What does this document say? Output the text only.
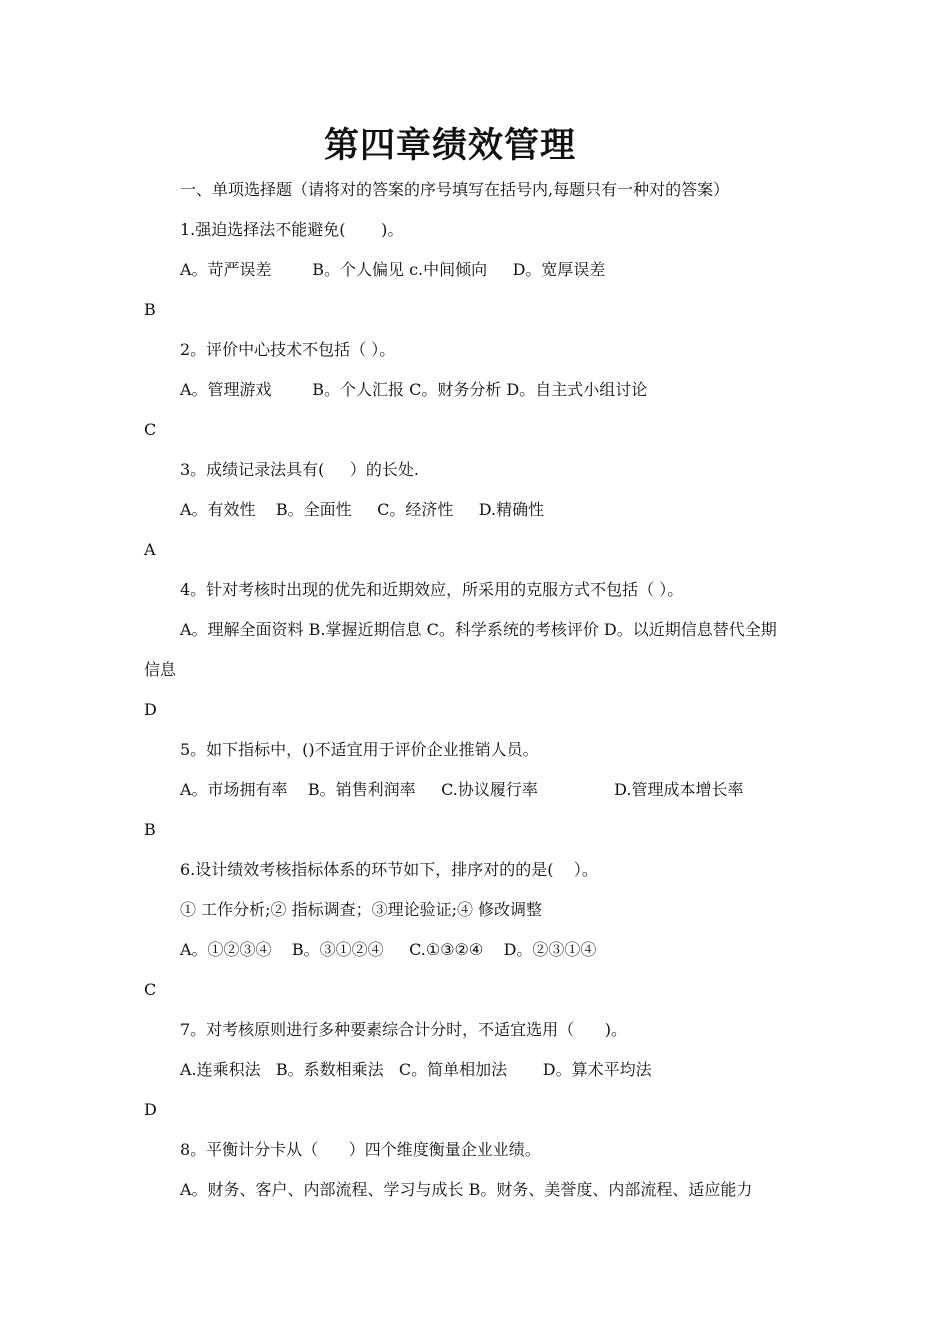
第四章绩效管理
一、单项选择题（请将对的答案的序号填写在括号内,每题只有一种对的答案）
1.强迫选择法不能避免(       )。
A。苛严误差        B。个人偏见 c.中间倾向     D。宽厚误差
B
2。评价中心技术不包括（ ）。
A。管理游戏        B。个人汇报 C。财务分析 D。自主式小组讨论
C
3。成绩记录法具有(     ）的长处.
A。有效性    B。全面性     C。经济性     D.精确性
A
4。针对考核时出现的优先和近期效应，所采用的克服方式不包括（ ）。
A。理解全面资料 B.掌握近期信息 C。科学系统的考核评价 D。以近期信息替代全期
信息
D
5。如下指标中，()不适宜用于评价企业推销人员。
A。市场拥有率    B。销售利润率     C.协议履行率               D.管理成本增长率
B
6.设计绩效考核指标体系的环节如下，排序对的的是(    ）。
① 工作分析;② 指标调查；③理论验证;④ 修改调整
A。①②③④    B。③①②④     C.①③②④    D。②③①④
C
7。对考核原则进行多种要素综合计分时，不适宜选用（      )。
A.连乘积法   B。系数相乘法   C。简单相加法       D。算术平均法
D
8。平衡计分卡从（      ）四个维度衡量企业业绩。
A。财务、客户、内部流程、学习与成长 B。财务、美誉度、内部流程、适应能力
